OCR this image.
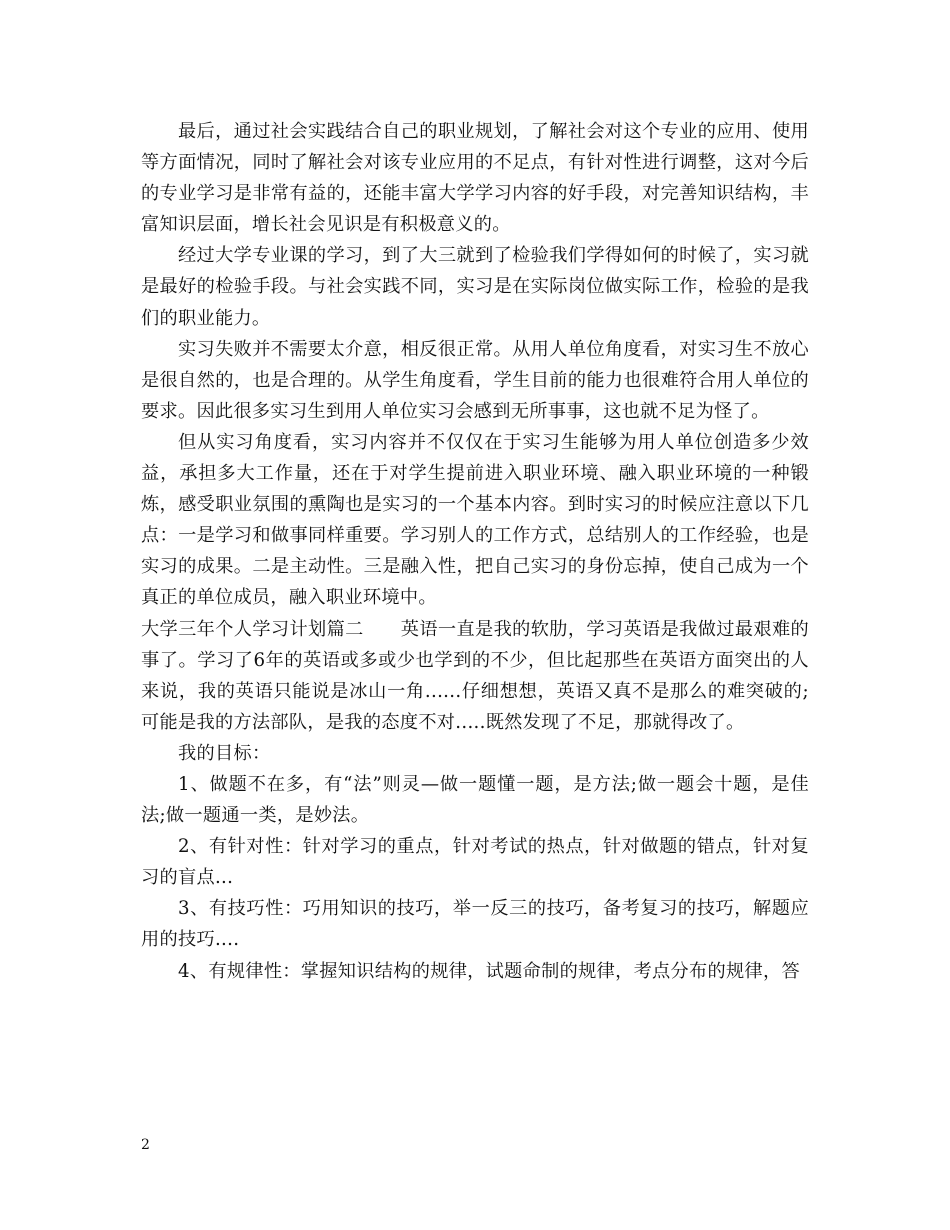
最后，通过社会实践结合自己的职业规划，了解社会对这个专业的应用、使用等方面情况，同时了解社会对该专业应用的不足点，有针对性进行调整，这对今后的专业学习是非常有益的，还能丰富大学学习内容的好手段，对完善知识结构，丰富知识层面，增长社会见识是有积极意义的。

经过大学专业课的学习，到了大三就到了检验我们学得如何的时候了，实习就是最好的检验手段。与社会实践不同，实习是在实际岗位做实际工作，检验的是我们的职业能力。

实习失败并不需要太介意，相反很正常。从用人单位角度看，对实习生不放心是很自然的，也是合理的。从学生角度看，学生目前的能力也很难符合用人单位的要求。因此很多实习生到用人单位实习会感到无所事事，这也就不足为怪了。

但从实习角度看，实习内容并不仅仅在于实习生能够为用人单位创造多少效益，承担多大工作量，还在于对学生提前进入职业环境、融入职业环境的一种锻炼，感受职业氛围的熏陶也是实习的一个基本内容。到时实习的时候应注意以下几点：一是学习和做事同样重要。学习别人的工作方式，总结别人的工作经验，也是实习的成果。二是主动性。三是融入性，把自己实习的身份忘掉，使自己成为一个真正的单位成员，融入职业环境中。

大学三年个人学习计划篇二　　英语一直是我的软肋，学习英语是我做过最艰难的事了。学习了6年的英语或多或少也学到的不少，但比起那些在英语方面突出的人来说，我的英语只能说是冰山一角......仔细想想，英语又真不是那么的难突破的;可能是我的方法部队，是我的态度不对.....既然发现了不足，那就得改了。

我的目标：

1、做题不在多，有“法”则灵—做一题懂一题，是方法;做一题会十题，是佳法;做一题通一类，是妙法。

2、有针对性：针对学习的重点，针对考试的热点，针对做题的错点，针对复习的盲点...

3、有技巧性：巧用知识的技巧，举一反三的技巧，备考复习的技巧，解题应用的技巧....

4、有规律性：掌握知识结构的规律，试题命制的规律，考点分布的规律，答

2
